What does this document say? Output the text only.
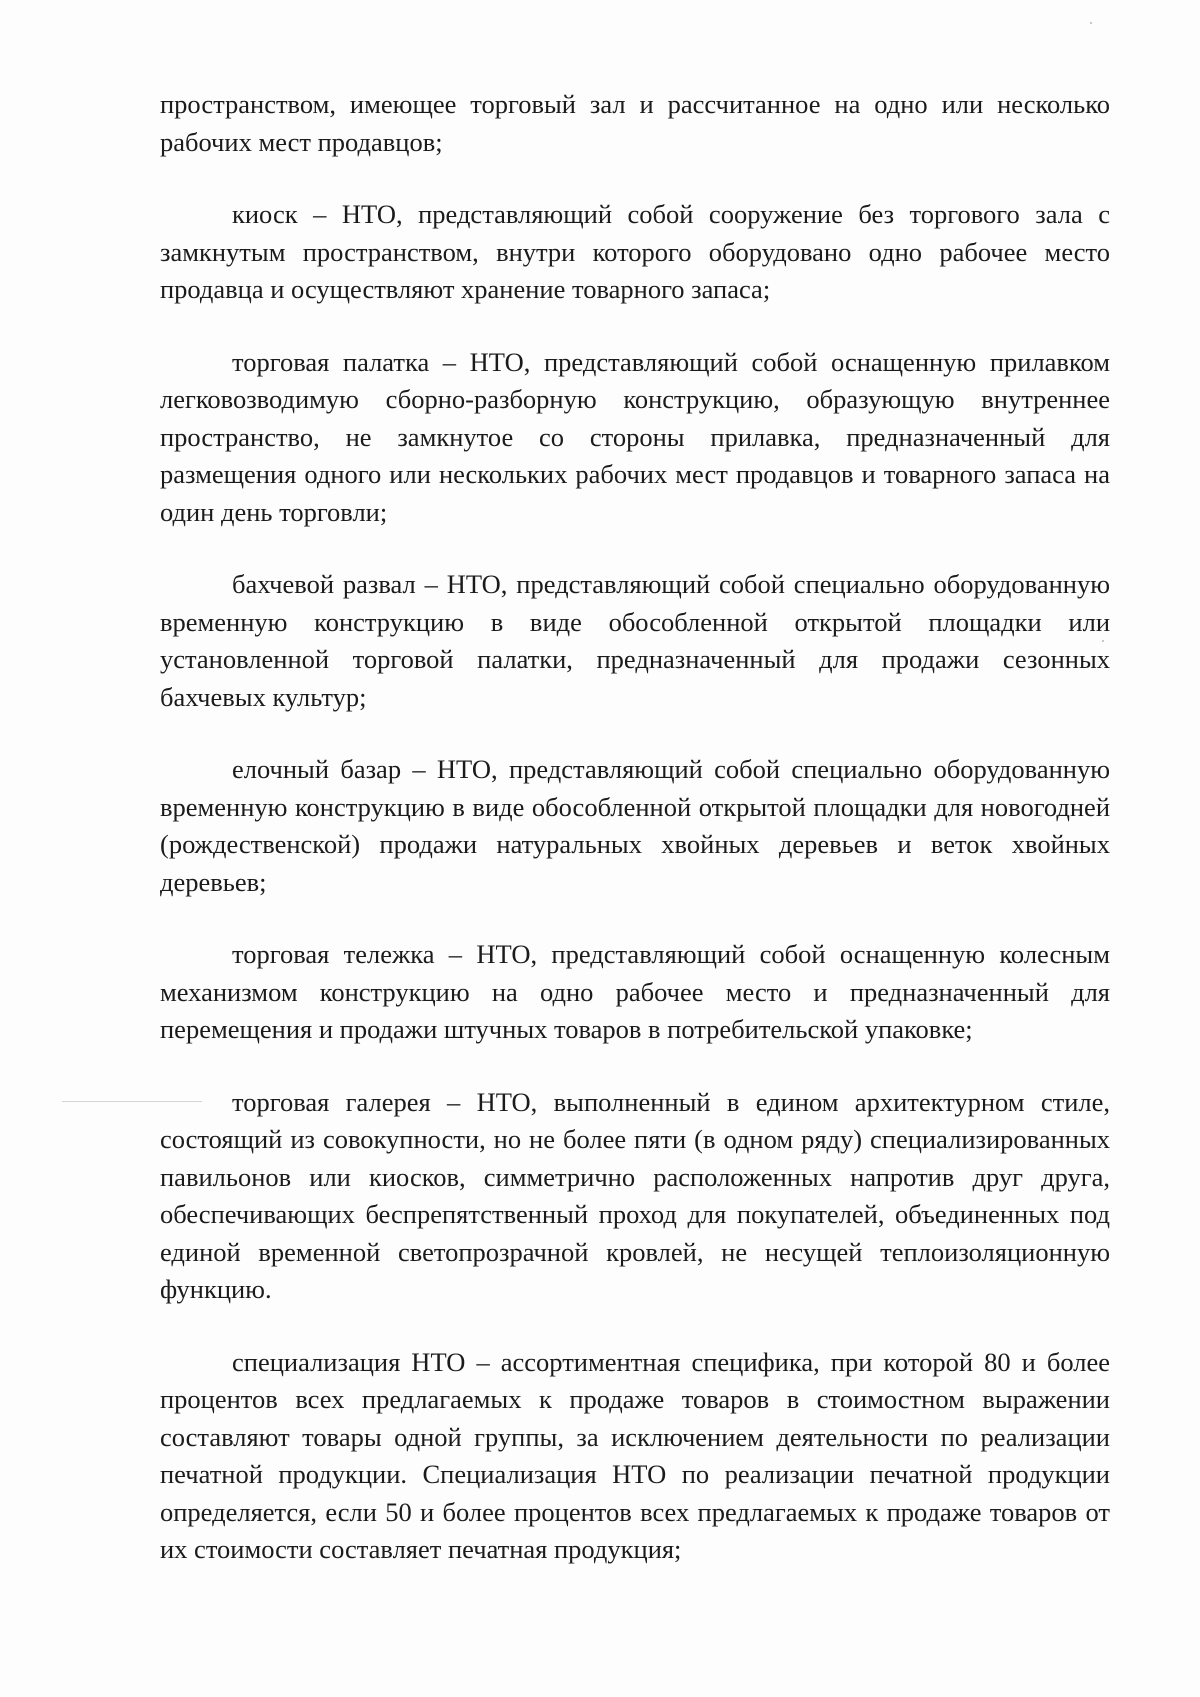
пространством, имеющее торговый зал и рассчитанное на одно или несколько рабочих мест продавцов;

киоск – НТО, представляющий собой сооружение без торгового зала с замкнутым пространством, внутри которого оборудовано одно рабочее место продавца и осуществляют хранение товарного запаса;

торговая палатка – НТО, представляющий собой оснащенную прилавком легковозводимую сборно-разборную конструкцию, образующую внутреннее пространство, не замкнутое со стороны прилавка, предназначенный для размещения одного или нескольких рабочих мест продавцов и товарного запаса на один день торговли;

бахчевой развал – НТО, представляющий собой специально оборудованную временную конструкцию в виде обособленной открытой площадки или установленной торговой палатки, предназначенный для продажи сезонных бахчевых культур;

елочный базар – НТО, представляющий собой специально оборудованную временную конструкцию в виде обособленной открытой площадки для новогодней (рождественской) продажи натуральных хвойных деревьев и веток хвойных деревьев;

торговая тележка – НТО, представляющий собой оснащенную колесным механизмом конструкцию на одно рабочее место и предназначенный для перемещения и продажи штучных товаров в потребительской упаковке;

торговая галерея – НТО, выполненный в едином архитектурном стиле, состоящий из совокупности, но не более пяти (в одном ряду) специализированных павильонов или киосков, симметрично расположенных напротив друг друга, обеспечивающих беспрепятственный проход для покупателей, объединенных под единой временной светопрозрачной кровлей, не несущей теплоизоляционную функцию.

специализация НТО – ассортиментная специфика, при которой 80 и более процентов всех предлагаемых к продаже товаров в стоимостном выражении составляют товары одной группы, за исключением деятельности по реализации печатной продукции. Специализация НТО по реализации печатной продукции определяется, если 50 и более процентов всех предлагаемых к продаже товаров от их стоимости составляет печатная продукция;
